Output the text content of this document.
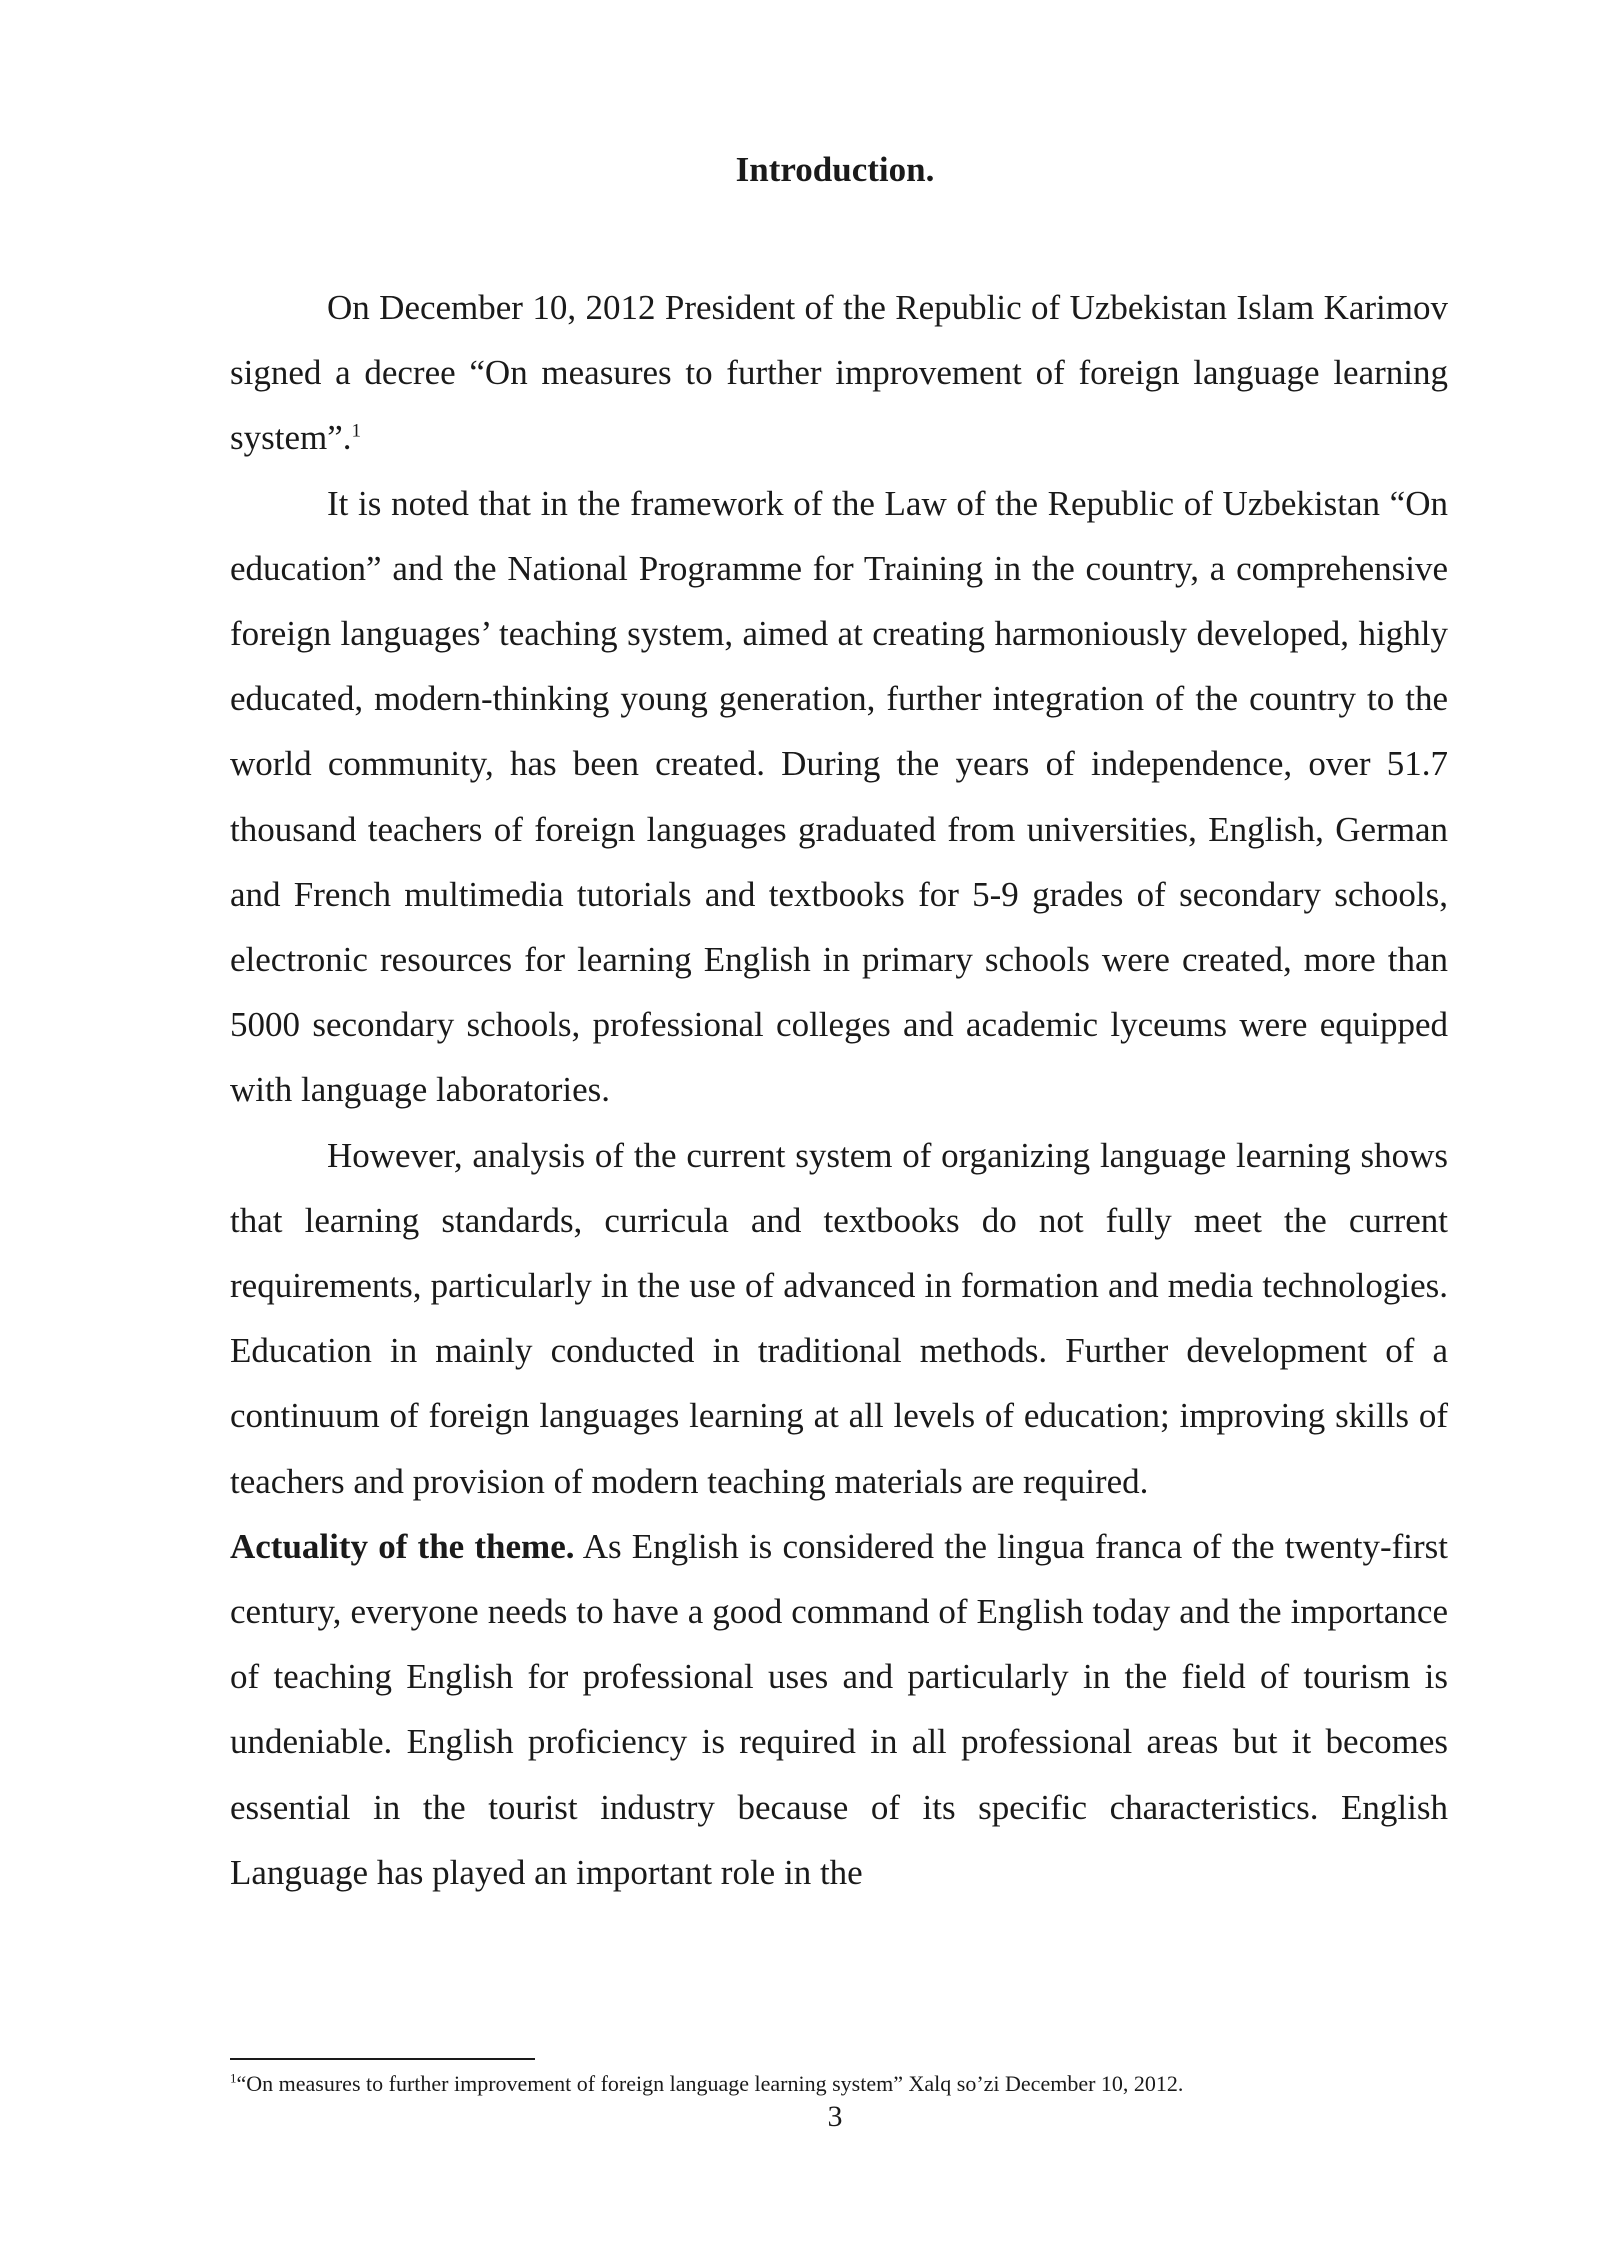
Introduction.

On December 10, 2012 President of the Republic of Uzbekistan Islam Karimov signed a decree “On measures to further improvement of foreign language learning system”.$^1$

It is noted that in the framework of the Law of the Republic of Uzbekistan “On education” and the National Programme for Training in the country, a comprehensive foreign languages’ teaching system, aimed at creating harmoniously developed, highly educated, modern-thinking young generation, further integration of the country to the world community, has been created. During the years of independence, over 51.7 thousand teachers of foreign languages graduated from universities, English, German and French multimedia tutorials and textbooks for 5-9 grades of secondary schools, electronic resources for learning English in primary schools were created, more than 5000 secondary schools, professional colleges and academic lyceums were equipped with language laboratories.

However, analysis of the current system of organizing language learning shows that learning standards, curricula and textbooks do not fully meet the current requirements, particularly in the use of advanced in formation and media technologies. Education in mainly conducted in traditional methods. Further development of a continuum of foreign languages learning at all levels of education; improving skills of teachers and provision of modern teaching materials are required.

Actuality of the theme. As English is considered the lingua franca of the twenty-first century, everyone needs to have a good command of English today and the importance of teaching English for professional uses and particularly in the field of tourism is undeniable. English proficiency is required in all professional areas but it becomes essential in the tourist industry because of its specific characteristics. English Language has played an important role in the

$^1$“On measures to further improvement of foreign language learning system” Xalq so’zi December 10, 2012.
3
